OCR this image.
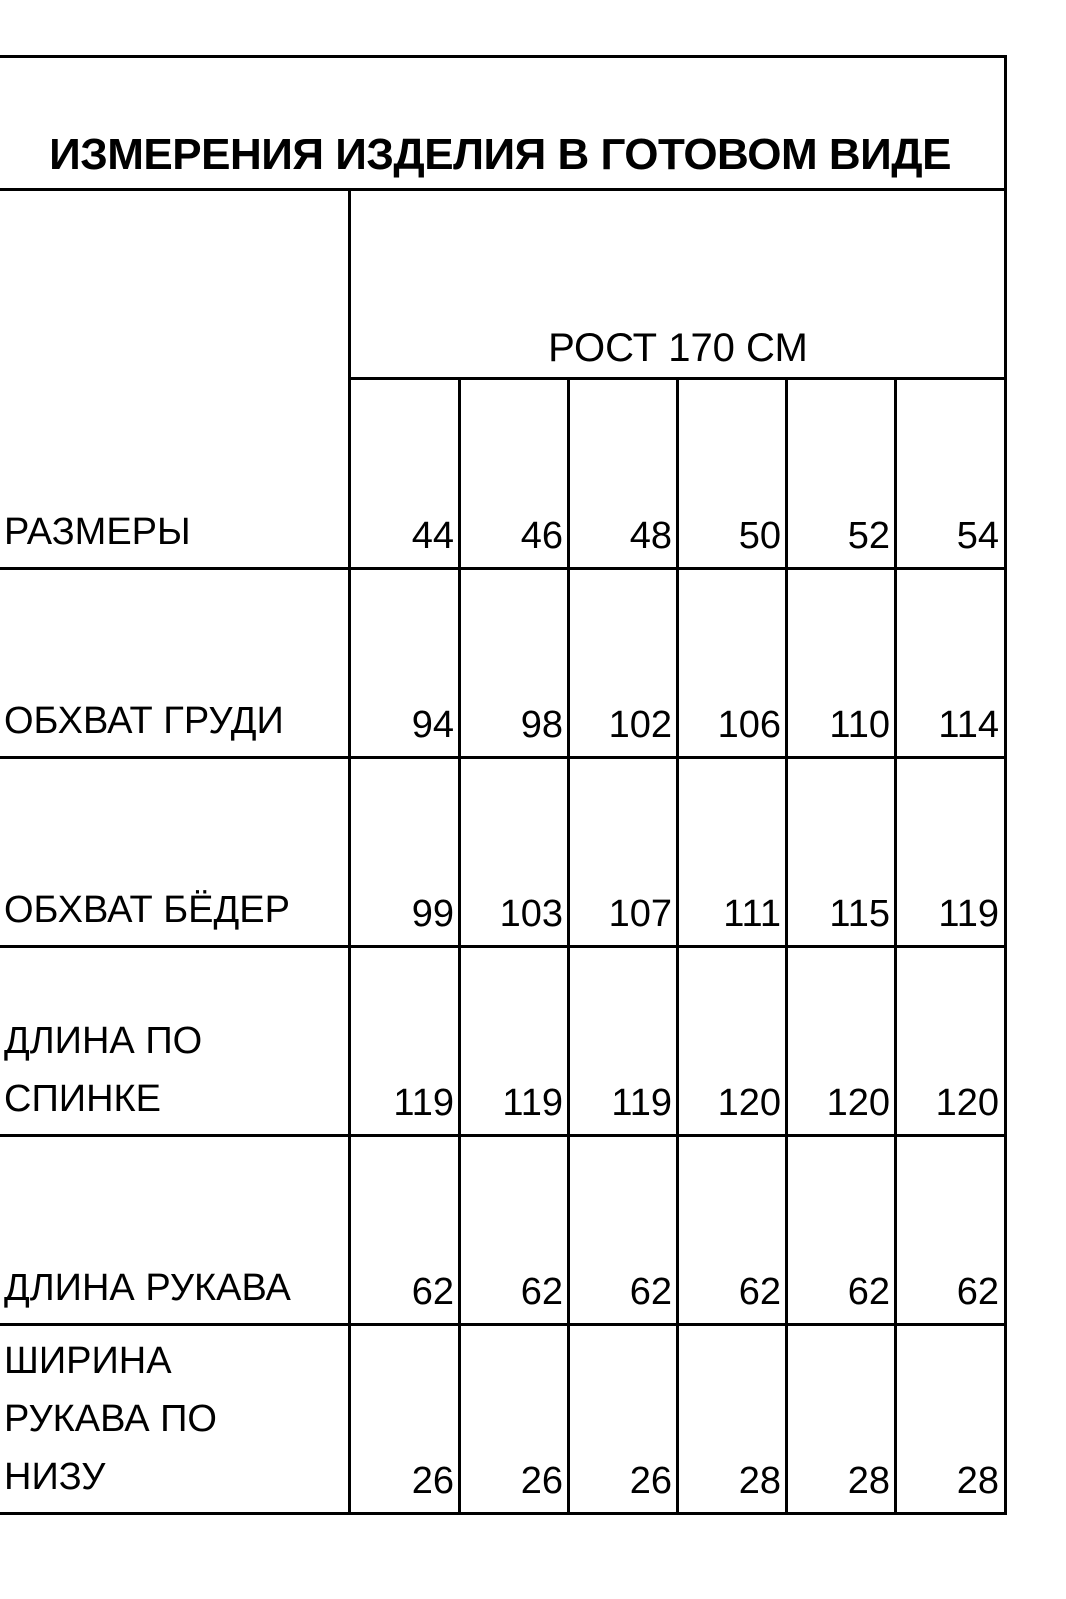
ИЗМЕРЕНИЯ ИЗДЕЛИЯ В ГОТОВОМ ВИДЕ
РОСТ 170 СМ
РАЗМЕРЫ	44	46	48	50	52	54
ОБХВАТ ГРУДИ	94	98	102	106	110	114
ОБХВАТ БЁДЕР	99	103	107	111	115	119
ДЛИНА ПО
СПИНКЕ	119	119	119	120	120	120
ДЛИНА РУКАВА	62	62	62	62	62	62
ШИРИНА
РУКАВА ПО
НИЗУ	26	26	26	28	28	28
